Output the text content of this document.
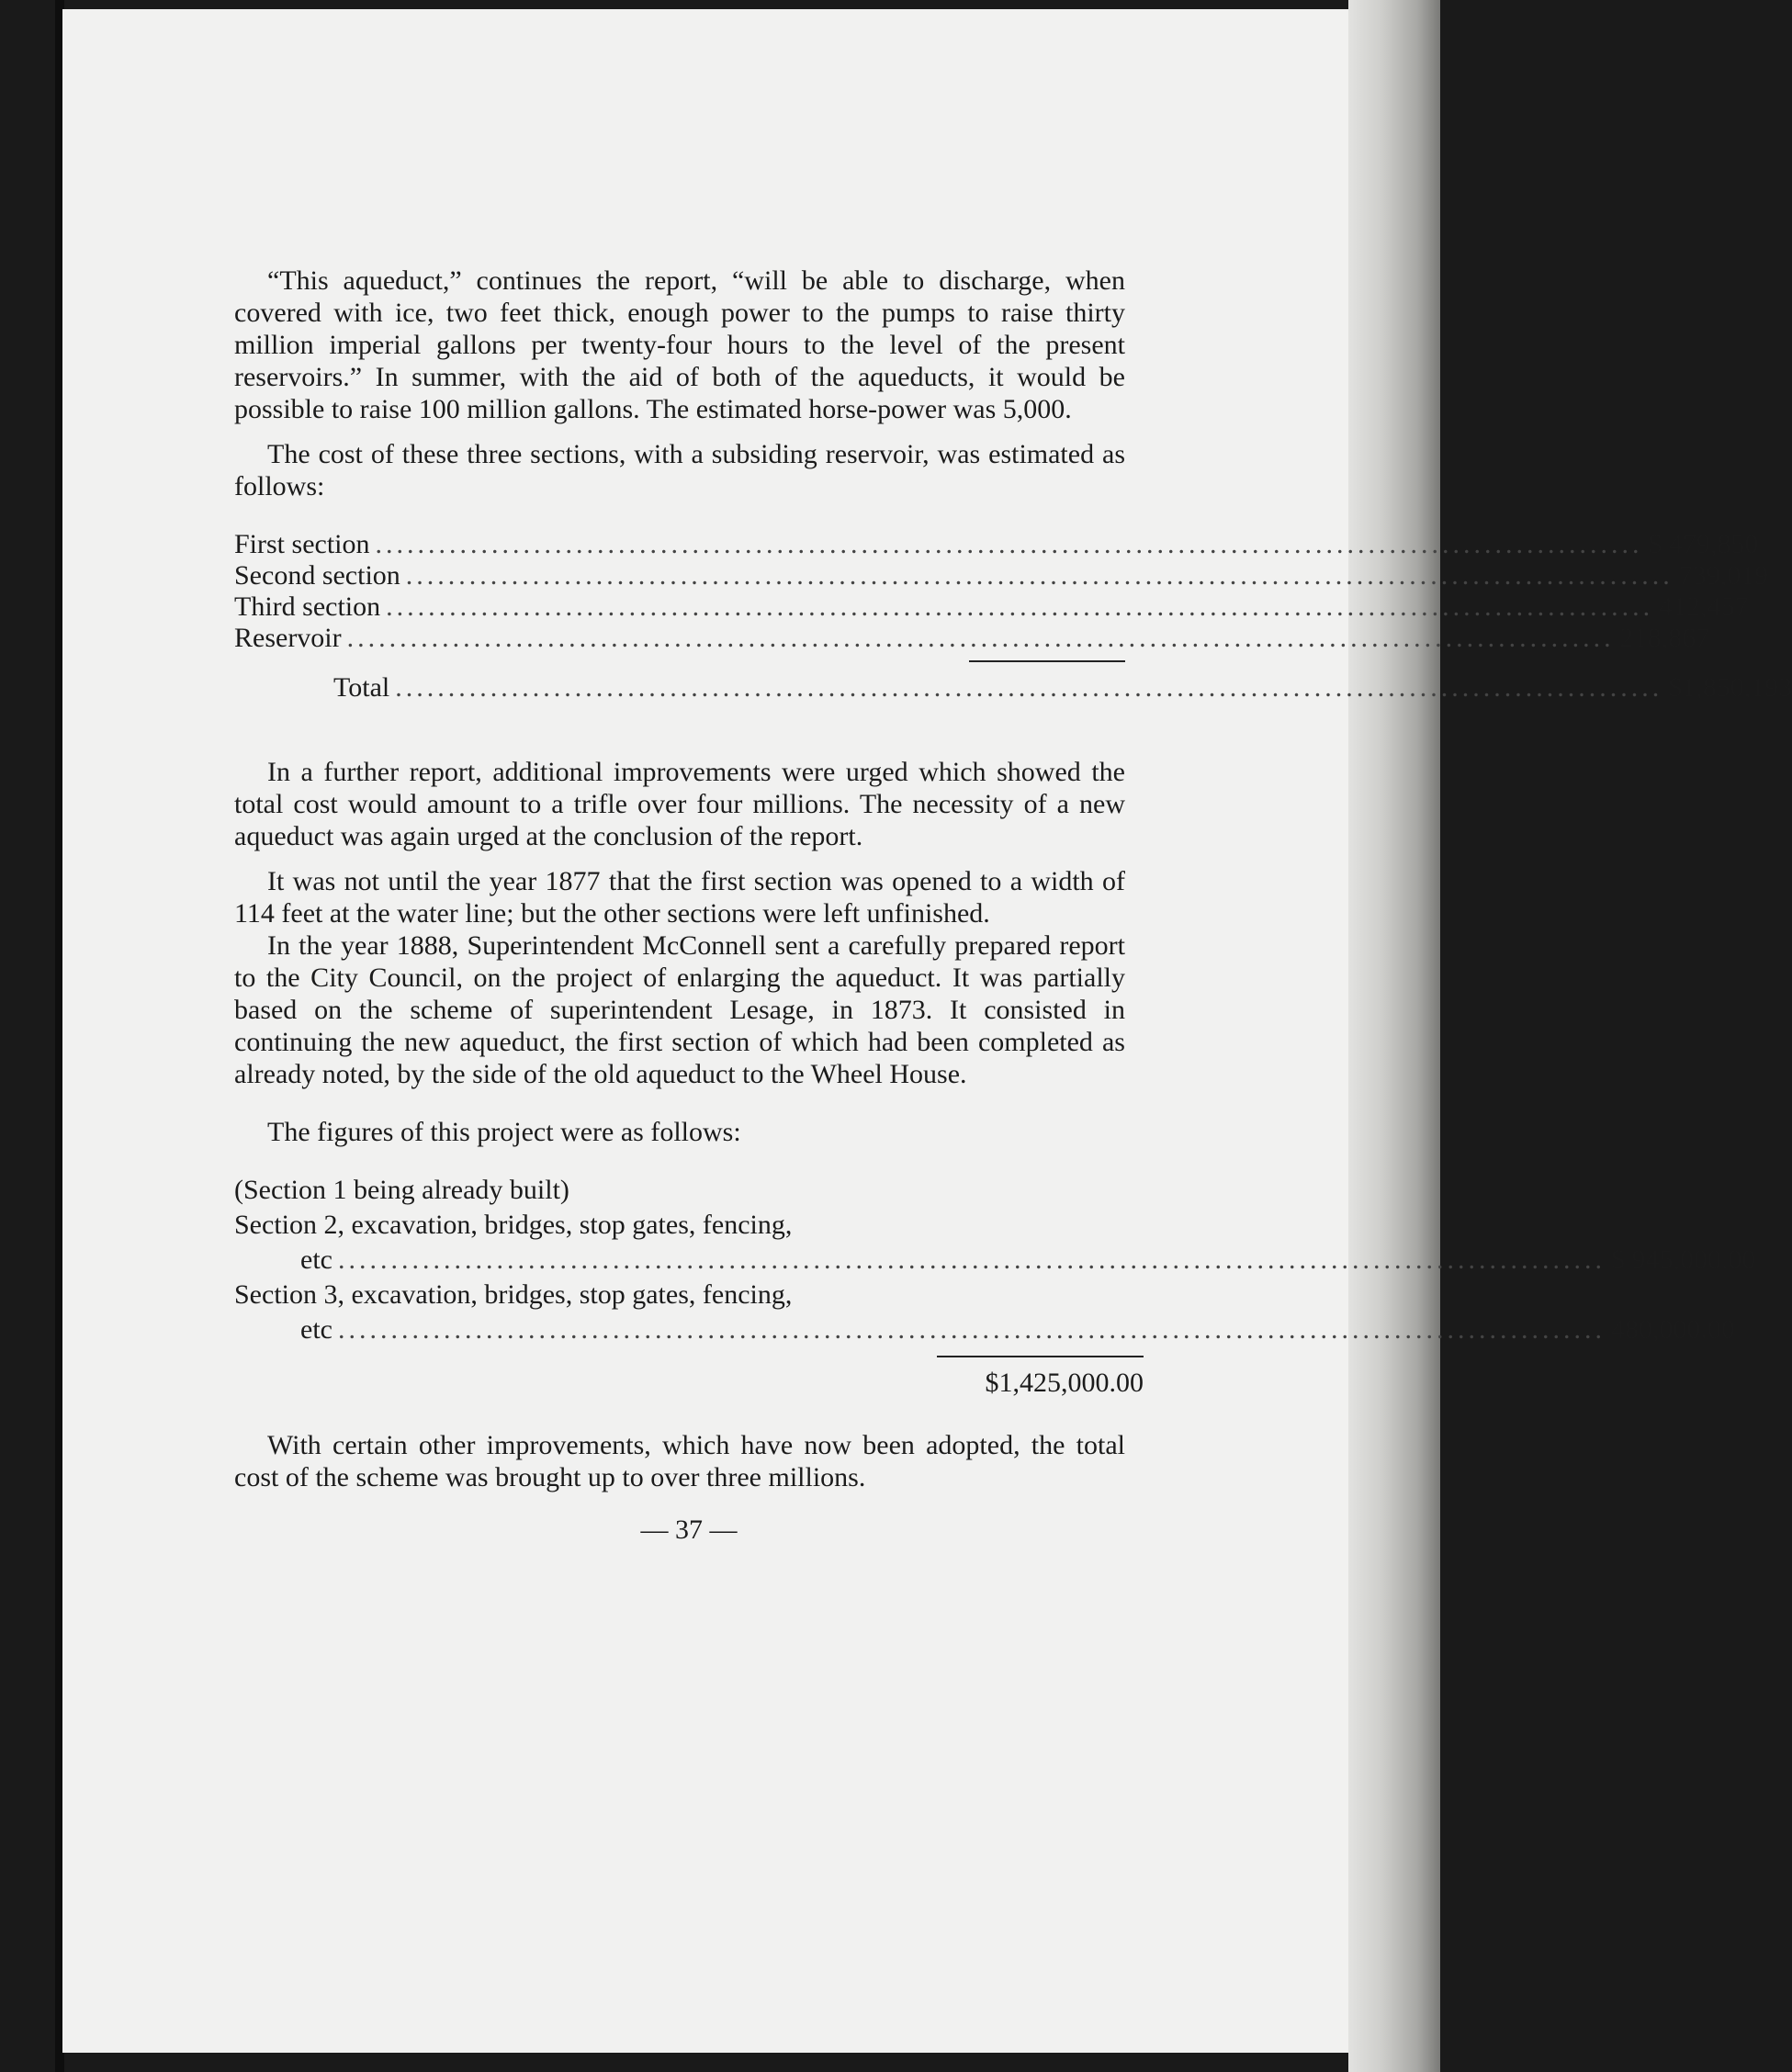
“This aqueduct,” continues the report, “will be able to discharge, when covered with ice, two feet thick, enough power to the pumps to raise thirty million imperial gallons per twenty-four hours to the level of the present reservoirs.” In summer, with the aid of both of the aqueducts, it would be possible to raise 100 million gallons. The estimated horse-power was 5,000.

The cost of these three sections, with a subsiding reservoir, was estimated as follows:

First section ........................................................................................................................ $ 479,850
Second section ........................................................................................................................ 739,019
Third section ........................................................................................................................ 412,457
Reservoir ........................................................................................................................ 218,867
Total ........................................................................................................................ $1,850,193

In a further report, additional improvements were urged which showed the total cost would amount to a trifle over four millions. The necessity of a new aqueduct was again urged at the conclusion of the report.

It was not until the year 1877 that the first section was opened to a width of 114 feet at the water line; but the other sections were left unfinished.

In the year 1888, Superintendent McConnell sent a carefully prepared report to the City Council, on the project of enlarging the aqueduct. It was partially based on the scheme of superintendent Lesage, in 1873. It consisted in continuing the new aqueduct, the first section of which had been completed as already noted, by the side of the old aqueduct to the Wheel House.

The figures of this project were as follows:

(Section 1 being already built)
Section 2, excavation, bridges, stop gates, fencing,
etc ........................................................................................................................ $ 945,000.00
Section 3, excavation, bridges, stop gates, fencing,
etc ........................................................................................................................ 480,000.00
$1,425,000.00

With certain other improvements, which have now been adopted, the total cost of the scheme was brought up to over three millions.

— 37 —
